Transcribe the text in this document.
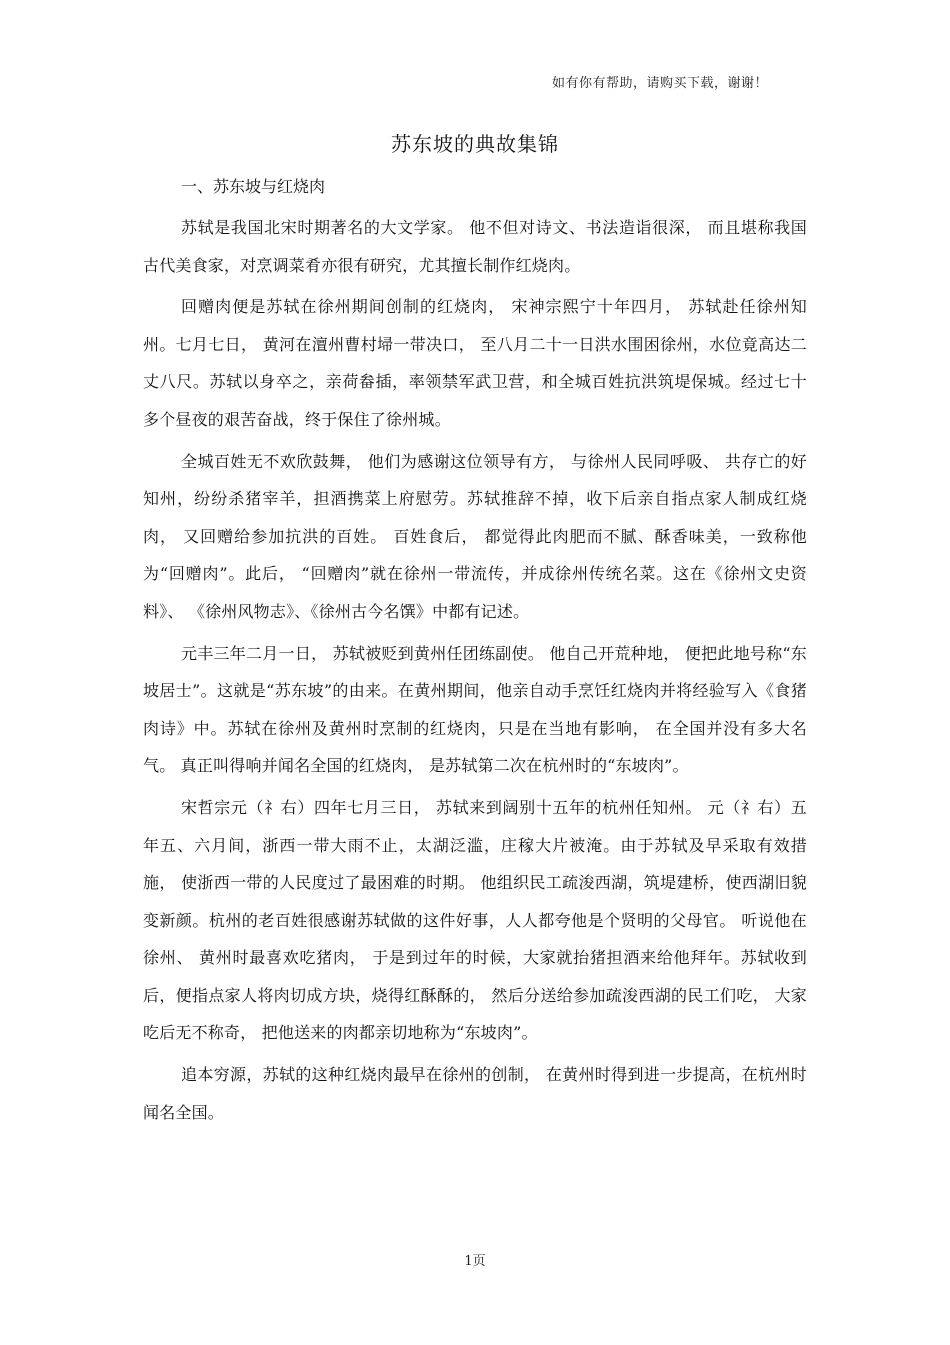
如有你有帮助，请购买下载，谢谢！
苏东坡的典故集锦

一、苏东坡与红烧肉

苏轼是我国北宋时期著名的大文学家。 他不但对诗文、书法造诣很深， 而且堪称我国古代美食家，对烹调菜肴亦很有研究，尤其擅长制作红烧肉。

回赠肉便是苏轼在徐州期间创制的红烧肉， 宋神宗熙宁十年四月， 苏轼赴任徐州知州。七月七日， 黄河在澶州曹村埽一带决口， 至八月二十一日洪水围困徐州，水位竟高达二丈八尺。苏轼以身卒之，亲荷畚插，率领禁军武卫营，和全城百姓抗洪筑堤保城。经过七十多个昼夜的艰苦奋战，终于保住了徐州城。

全城百姓无不欢欣鼓舞， 他们为感谢这位领导有方， 与徐州人民同呼吸、 共存亡的好知州，纷纷杀猪宰羊，担酒携菜上府慰劳。苏轼推辞不掉，收下后亲自指点家人制成红烧肉， 又回赠给参加抗洪的百姓。 百姓食后， 都觉得此肉肥而不腻、酥香味美，一致称他为“回赠肉”。此后， “回赠肉”就在徐州一带流传，并成徐州传统名菜。这在《徐州文史资料》、 《徐州风物志》、《徐州古今名馔》中都有记述。

元丰三年二月一日， 苏轼被贬到黄州任团练副使。 他自己开荒种地， 便把此地号称“东坡居士”。这就是“苏东坡”的由来。在黄州期间，他亲自动手烹饪红烧肉并将经验写入《食猪肉诗》中。苏轼在徐州及黄州时烹制的红烧肉，只是在当地有影响， 在全国并没有多大名气。 真正叫得响并闻名全国的红烧肉， 是苏轼第二次在杭州时的“东坡肉”。

宋哲宗元（礻右）四年七月三日， 苏轼来到阔别十五年的杭州任知州。 元（礻右）五年五、六月间，浙西一带大雨不止，太湖泛滥，庄稼大片被淹。由于苏轼及早采取有效措施， 使浙西一带的人民度过了最困难的时期。 他组织民工疏浚西湖，筑堤建桥，使西湖旧貌变新颜。杭州的老百姓很感谢苏轼做的这件好事，人人都夸他是个贤明的父母官。 听说他在徐州、 黄州时最喜欢吃猪肉， 于是到过年的时候，大家就抬猪担酒来给他拜年。苏轼收到后，便指点家人将肉切成方块，烧得红酥酥的， 然后分送给参加疏浚西湖的民工们吃， 大家吃后无不称奇， 把他送来的肉都亲切地称为“东坡肉”。

追本穷源，苏轼的这种红烧肉最早在徐州的创制， 在黄州时得到进一步提高，在杭州时闻名全国。

1页
